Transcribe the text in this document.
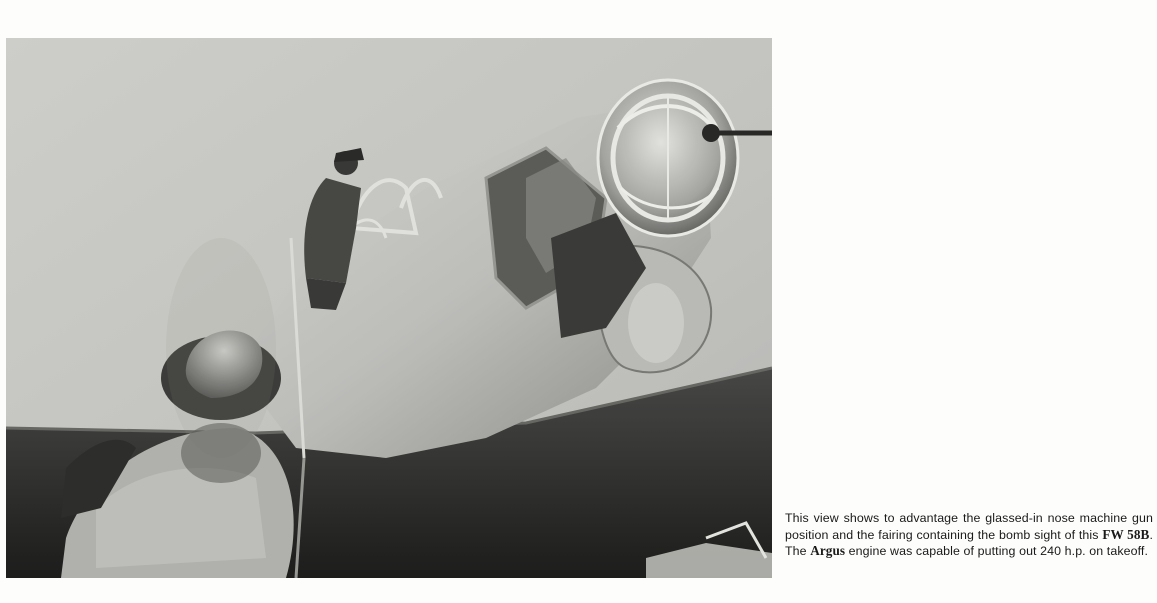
This view shows to advantage the glassed-in nose machine gun position and the fairing containing the bomb sight of this FW 58B. The Argus engine was capable of putting out 240 h.p. on takeoff.
